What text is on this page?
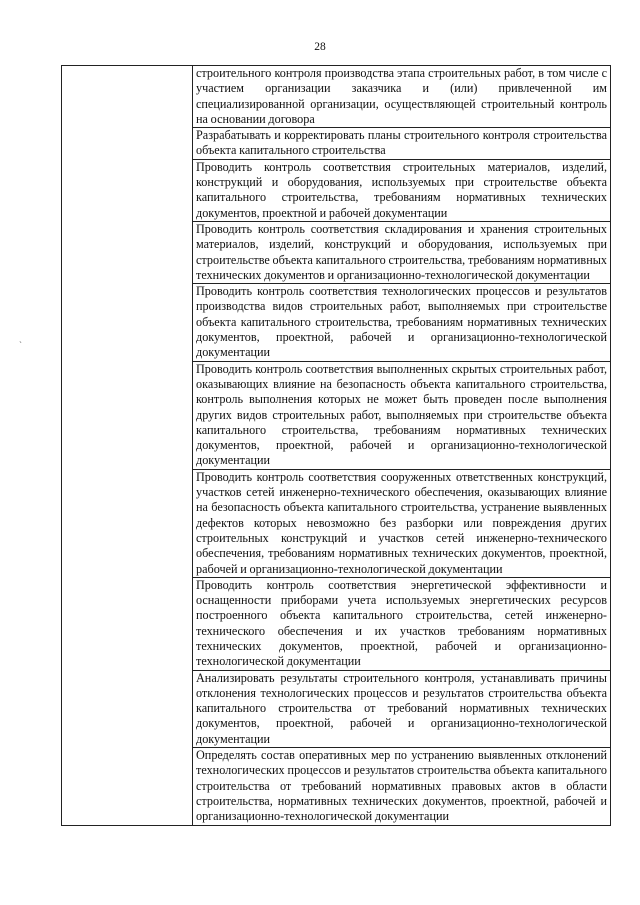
28
`

строительного контроля производства этапа строительных работ, в том числе с участием организации заказчика и (или) привлеченной им специализированной организации, осуществляющей строительный контроль на основании договора

Разрабатывать и корректировать планы строительного контроля строительства объекта капитального строительства

Проводить контроль соответствия строительных материалов, изделий, конструкций и оборудования, используемых при строительстве объекта капитального строительства, требованиям нормативных технических документов, проектной и рабочей документации

Проводить контроль соответствия складирования и хранения строительных материалов, изделий, конструкций и оборудования, используемых при строительстве объекта капитального строительства, требованиям нормативных технических документов и организационно-технологической документации

Проводить контроль соответствия технологических процессов и результатов производства видов строительных работ, выполняемых при строительстве объекта капитального строительства, требованиям нормативных технических документов, проектной, рабочей и организационно-технологической документации

Проводить контроль соответствия выполненных скрытых строительных работ, оказывающих влияние на безопасность объекта капитального строительства, контроль выполнения которых не может быть проведен после выполнения других видов строительных работ, выполняемых при строительстве объекта капитального строительства, требованиям нормативных технических документов, проектной, рабочей и организационно-технологической документации

Проводить контроль соответствия сооруженных ответственных конструкций, участков сетей инженерно-технического обеспечения, оказывающих влияние на безопасность объекта капитального строительства, устранение выявленных дефектов которых невозможно без разборки или повреждения других строительных конструкций и участков сетей инженерно-технического обеспечения, требованиям нормативных технических документов, проектной, рабочей и организационно-технологической документации

Проводить контроль соответствия энергетической эффективности и оснащенности приборами учета используемых энергетических ресурсов построенного объекта капитального строительства, сетей инженерно-технического обеспечения и их участков требованиям нормативных технических документов, проектной, рабочей и организационно-технологической документации

Анализировать результаты строительного контроля, устанавливать причины отклонения технологических процессов и результатов строительства объекта капитального строительства от требований нормативных технических документов, проектной, рабочей и организационно-технологической документации

Определять состав оперативных мер по устранению выявленных отклонений технологических процессов и результатов строительства объекта капитального строительства от требований нормативных правовых актов в области строительства, нормативных технических документов, проектной, рабочей и организационно-технологической документации
